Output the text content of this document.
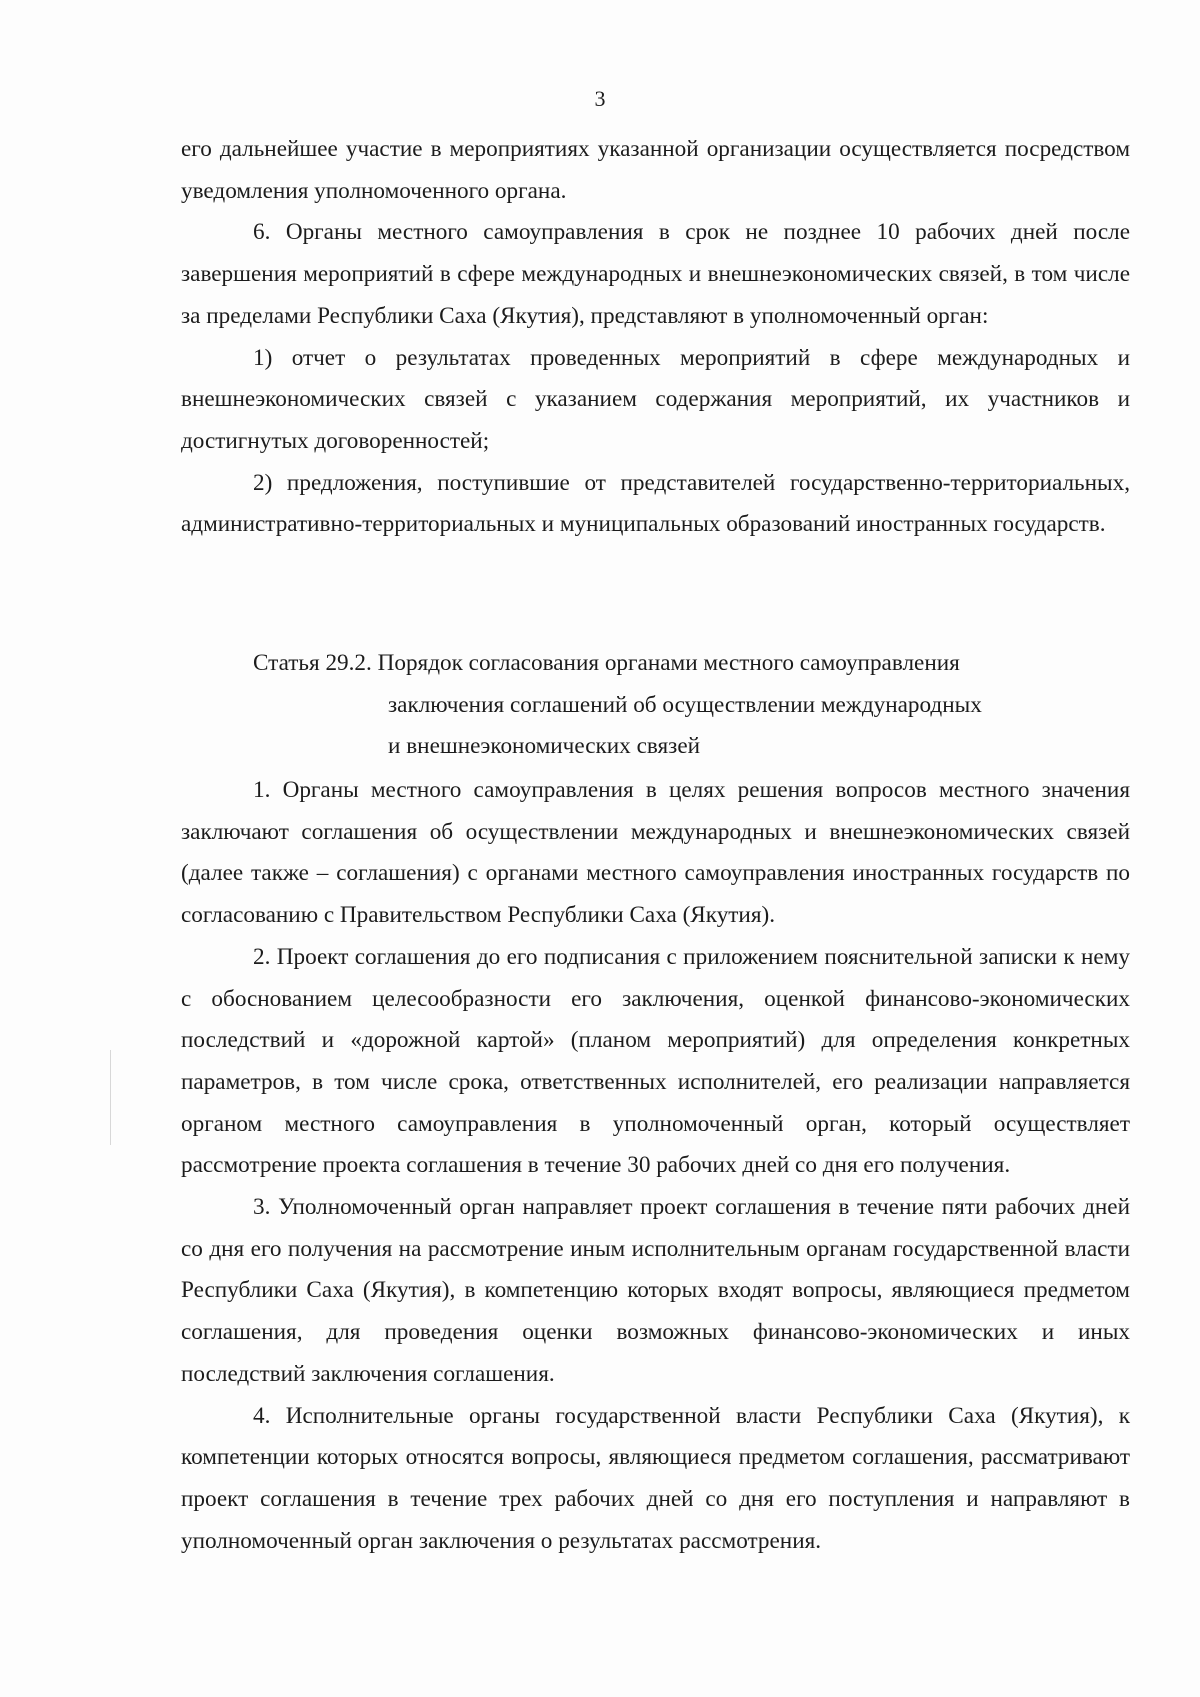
3

его дальнейшее участие в мероприятиях указанной организации осуществляется посредством уведомления уполномоченного органа.

6. Органы местного самоуправления в срок не позднее 10 рабочих дней после завершения мероприятий в сфере международных и внешнеэкономических связей, в том числе за пределами Республики Саха (Якутия), представляют в уполномоченный орган:

1) отчет о результатах проведенных мероприятий в сфере международных и внешнеэкономических связей с указанием содержания мероприятий, их участников и достигнутых договоренностей;

2) предложения, поступившие от представителей государственно-территориальных, административно-территориальных и муниципальных образований иностранных государств.

Статья 29.2. Порядок согласования органами местного самоуправления
заключения соглашений об осуществлении международных
и внешнеэкономических связей

1. Органы местного самоуправления в целях решения вопросов местного значения заключают соглашения об осуществлении международных и внешнеэкономических связей (далее также – соглашения) с органами местного самоуправления иностранных государств по согласованию с Правительством Республики Саха (Якутия).

2. Проект соглашения до его подписания с приложением пояснительной записки к нему с обоснованием целесообразности его заключения, оценкой финансово-экономических последствий и «дорожной картой» (планом мероприятий) для определения конкретных параметров, в том числе срока, ответственных исполнителей, его реализации направляется органом местного самоуправления в уполномоченный орган, который осуществляет рассмотрение проекта соглашения в течение 30 рабочих дней со дня его получения.

3. Уполномоченный орган направляет проект соглашения в течение пяти рабочих дней со дня его получения на рассмотрение иным исполнительным органам государственной власти Республики Саха (Якутия), в компетенцию которых входят вопросы, являющиеся предметом соглашения, для проведения оценки возможных финансово-экономических и иных последствий заключения соглашения.

4. Исполнительные органы государственной власти Республики Саха (Якутия), к компетенции которых относятся вопросы, являющиеся предметом соглашения, рассматривают проект соглашения в течение трех рабочих дней со дня его поступления и направляют в уполномоченный орган заключения о результатах рассмотрения.
